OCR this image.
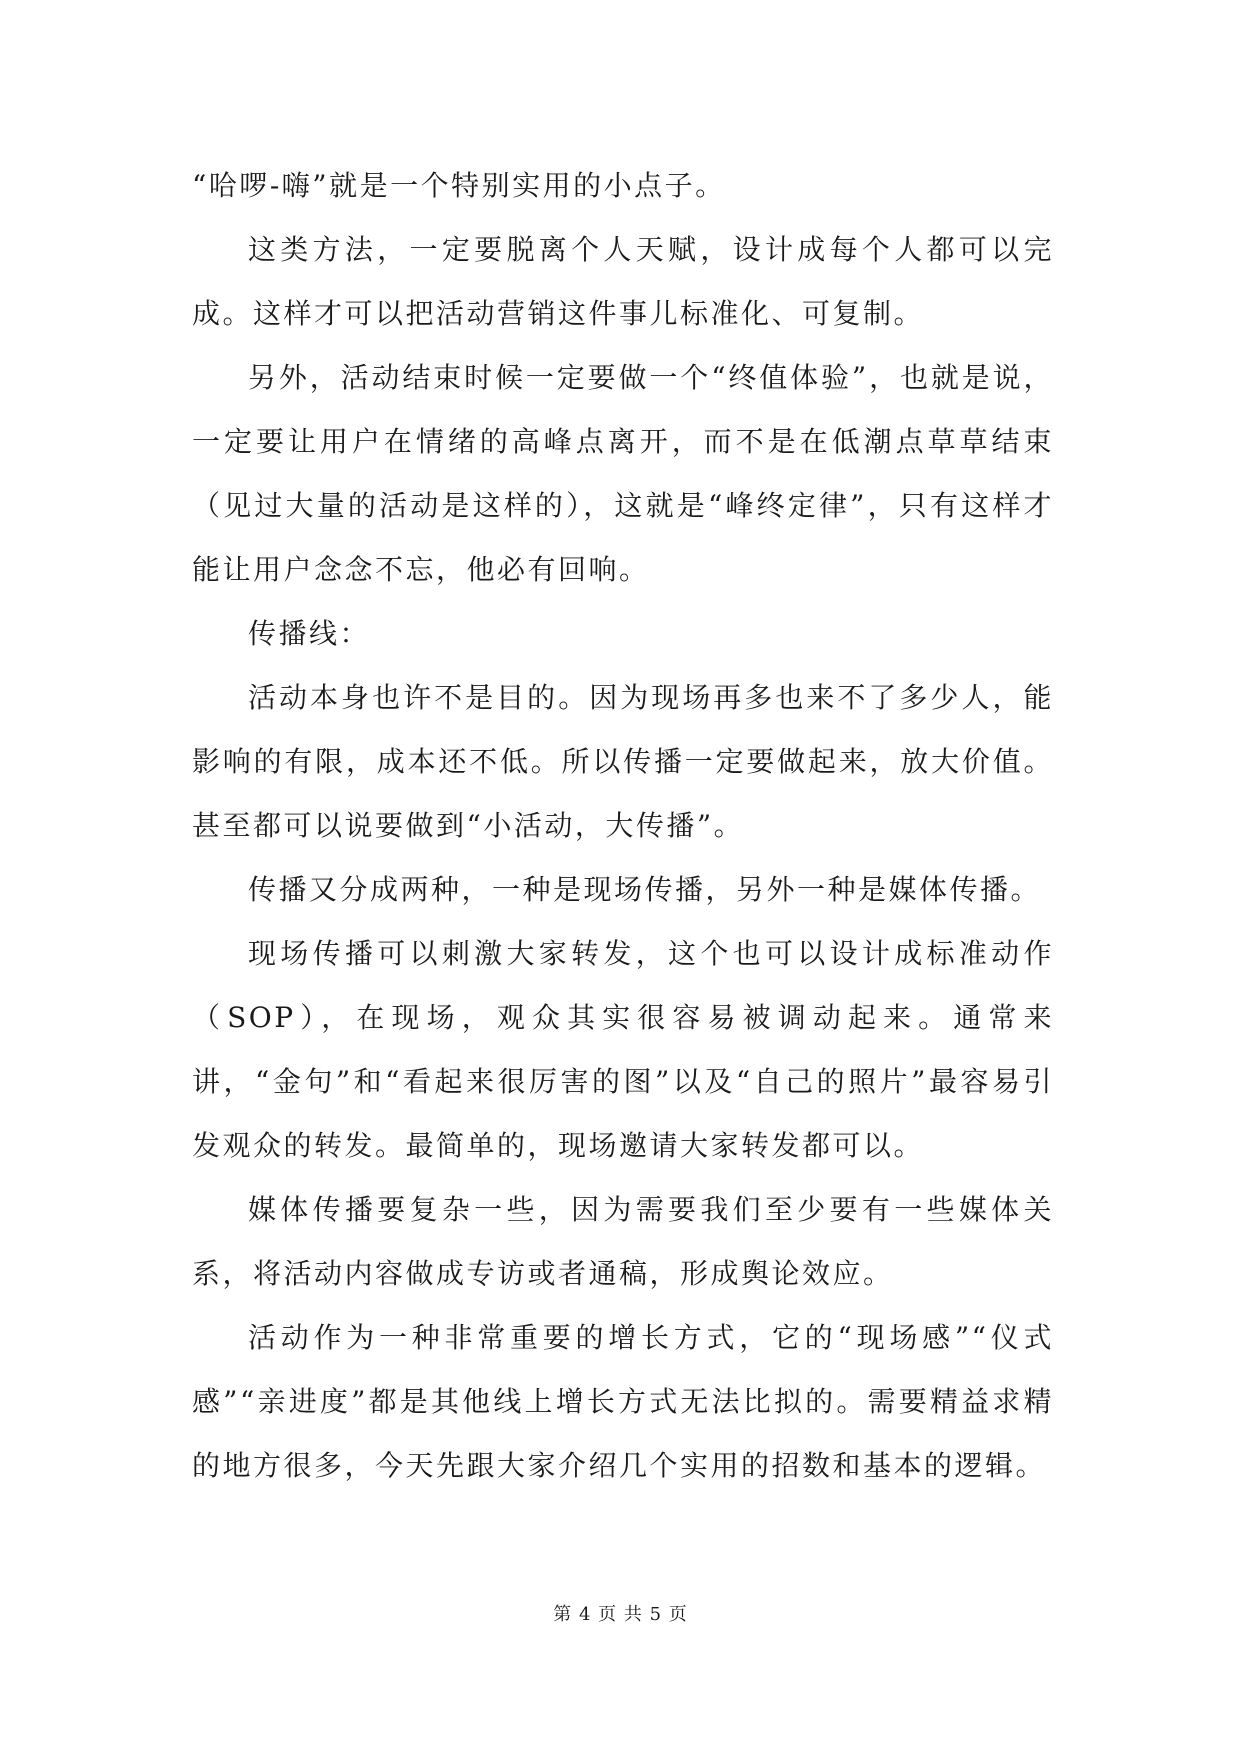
“哈啰-嗨”就是一个特别实用的小点子。

这类方法，一定要脱离个人天赋，设计成每个人都可以完成。这样才可以把活动营销这件事儿标准化、可复制。

另外，活动结束时候一定要做一个“终值体验”，也就是说，一定要让用户在情绪的高峰点离开，而不是在低潮点草草结束（见过大量的活动是这样的），这就是“峰终定律”，只有这样才能让用户念念不忘，他必有回响。

传播线：

活动本身也许不是目的。因为现场再多也来不了多少人，能影响的有限，成本还不低。所以传播一定要做起来，放大价值。甚至都可以说要做到“小活动，大传播”。

传播又分成两种，一种是现场传播，另外一种是媒体传播。

现场传播可以刺激大家转发，这个也可以设计成标准动作（SOP），在现场，观众其实很容易被调动起来。通常来讲，“金句”和“看起来很厉害的图”以及“自己的照片”最容易引发观众的转发。最简单的，现场邀请大家转发都可以。

媒体传播要复杂一些，因为需要我们至少要有一些媒体关系，将活动内容做成专访或者通稿，形成舆论效应。

活动作为一种非常重要的增长方式，它的“现场感”“仪式感”“亲进度”都是其他线上增长方式无法比拟的。需要精益求精的地方很多，今天先跟大家介绍几个实用的招数和基本的逻辑。

第 4 页 共 5 页
